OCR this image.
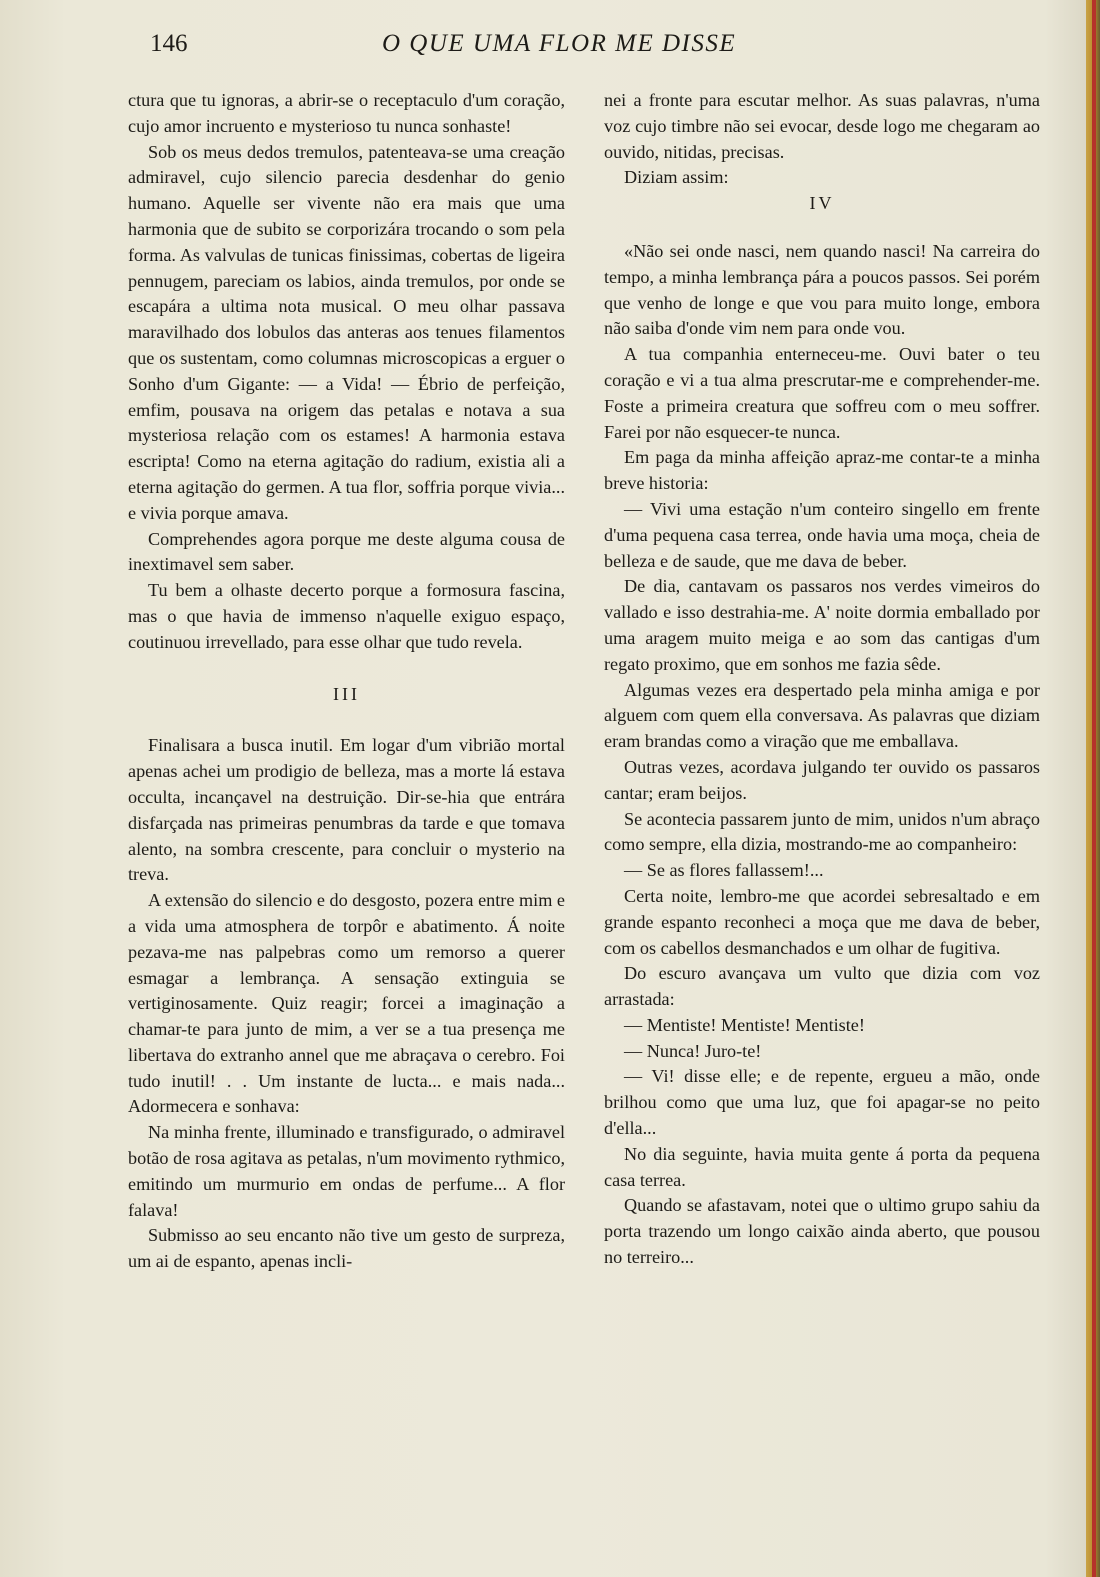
146	O QUE UMA FLOR ME DISSE

ctura que tu ignoras, a abrir-se o receptaculo d'um coração, cujo amor incruento e mysterioso tu nunca sonhaste!

Sob os meus dedos tremulos, patenteava-se uma creação admiravel, cujo silencio parecia desdenhar do genio humano. Aquelle ser vivente não era mais que uma harmonia que de subito se corporizára trocando o som pela forma. As valvulas de tunicas finissimas, cobertas de ligeira pennugem, pareciam os labios, ainda tremulos, por onde se escapára a ultima nota musical. O meu olhar passava maravilhado dos lobulos das anteras aos tenues filamentos que os sustentam, como columnas microscopicas a erguer o Sonho d'um Gigante: — a Vida! — Ébrio de perfeição, emfim, pousava na origem das petalas e notava a sua mysteriosa relação com os estames! A harmonia estava escripta! Como na eterna agitação do radium, existia ali a eterna agitação do germen. A tua flor, soffria porque vivia... e vivia porque amava.

Comprehendes agora porque me deste alguma cousa de inextimavel sem saber.

Tu bem a olhaste decerto porque a formosura fascina, mas o que havia de immenso n'aquelle exiguo espaço, coutinuou irrevellado, para esse olhar que tudo revela.

III

Finalisara a busca inutil. Em logar d'um vibrião mortal apenas achei um prodigio de belleza, mas a morte lá estava occulta, incançavel na destruição. Dir-se-hia que entrára disfarçada nas primeiras penumbras da tarde e que tomava alento, na sombra crescente, para concluir o mysterio na treva.

A extensão do silencio e do desgosto, pozera entre mim e a vida uma atmosphera de torpôr e abatimento. Á noite pezava-me nas palpebras como um remorso a querer esmagar a lembrança. A sensação extinguia se vertiginosamente. Quiz reagir; forcei a imaginação a chamar-te para junto de mim, a ver se a tua presença me libertava do extranho annel que me abraçava o cerebro. Foi tudo inutil! . . Um instante de lucta... e mais nada... Adormecera e sonhava:

Na minha frente, illuminado e transfigurado, o admiravel botão de rosa agitava as petalas, n'um movimento rythmico, emitindo um murmurio em ondas de perfume... A flor falava!

Submisso ao seu encanto não tive um gesto de surpreza, um ai de espanto, apenas incli-

nei a fronte para escutar melhor. As suas palavras, n'uma voz cujo timbre não sei evocar, desde logo me chegaram ao ouvido, nitidas, precisas.

Diziam assim:

IV

«Não sei onde nasci, nem quando nasci! Na carreira do tempo, a minha lembrança pára a poucos passos. Sei porém que venho de longe e que vou para muito longe, embora não saiba d'onde vim nem para onde vou.

A tua companhia enterneceu-me. Ouvi bater o teu coração e vi a tua alma prescrutar-me e comprehender-me. Foste a primeira creatura que soffreu com o meu soffrer. Farei por não esquecer-te nunca.

Em paga da minha affeição apraz-me contar-te a minha breve historia:

— Vivi uma estação n'um conteiro singello em frente d'uma pequena casa terrea, onde havia uma moça, cheia de belleza e de saude, que me dava de beber.

De dia, cantavam os passaros nos verdes vimeiros do vallado e isso destrahia-me. A' noite dormia emballado por uma aragem muito meiga e ao som das cantigas d'um regato proximo, que em sonhos me fazia sêde.

Algumas vezes era despertado pela minha amiga e por alguem com quem ella conversava. As palavras que diziam eram brandas como a viração que me emballava.

Outras vezes, acordava julgando ter ouvido os passaros cantar; eram beijos.

Se acontecia passarem junto de mim, unidos n'um abraço como sempre, ella dizia, mostrando-me ao companheiro:

— Se as flores fallassem!...

Certa noite, lembro-me que acordei sebresaltado e em grande espanto reconheci a moça que me dava de beber, com os cabellos desmanchados e um olhar de fugitiva.

Do escuro avançava um vulto que dizia com voz arrastada:

— Mentiste! Mentiste! Mentiste!

— Nunca! Juro-te!

— Vi! disse elle; e de repente, ergueu a mão, onde brilhou como que uma luz, que foi apagar-se no peito d'ella...

No dia seguinte, havia muita gente á porta da pequena casa terrea.

Quando se afastavam, notei que o ultimo grupo sahiu da porta trazendo um longo caixão ainda aberto, que pousou no terreiro...
